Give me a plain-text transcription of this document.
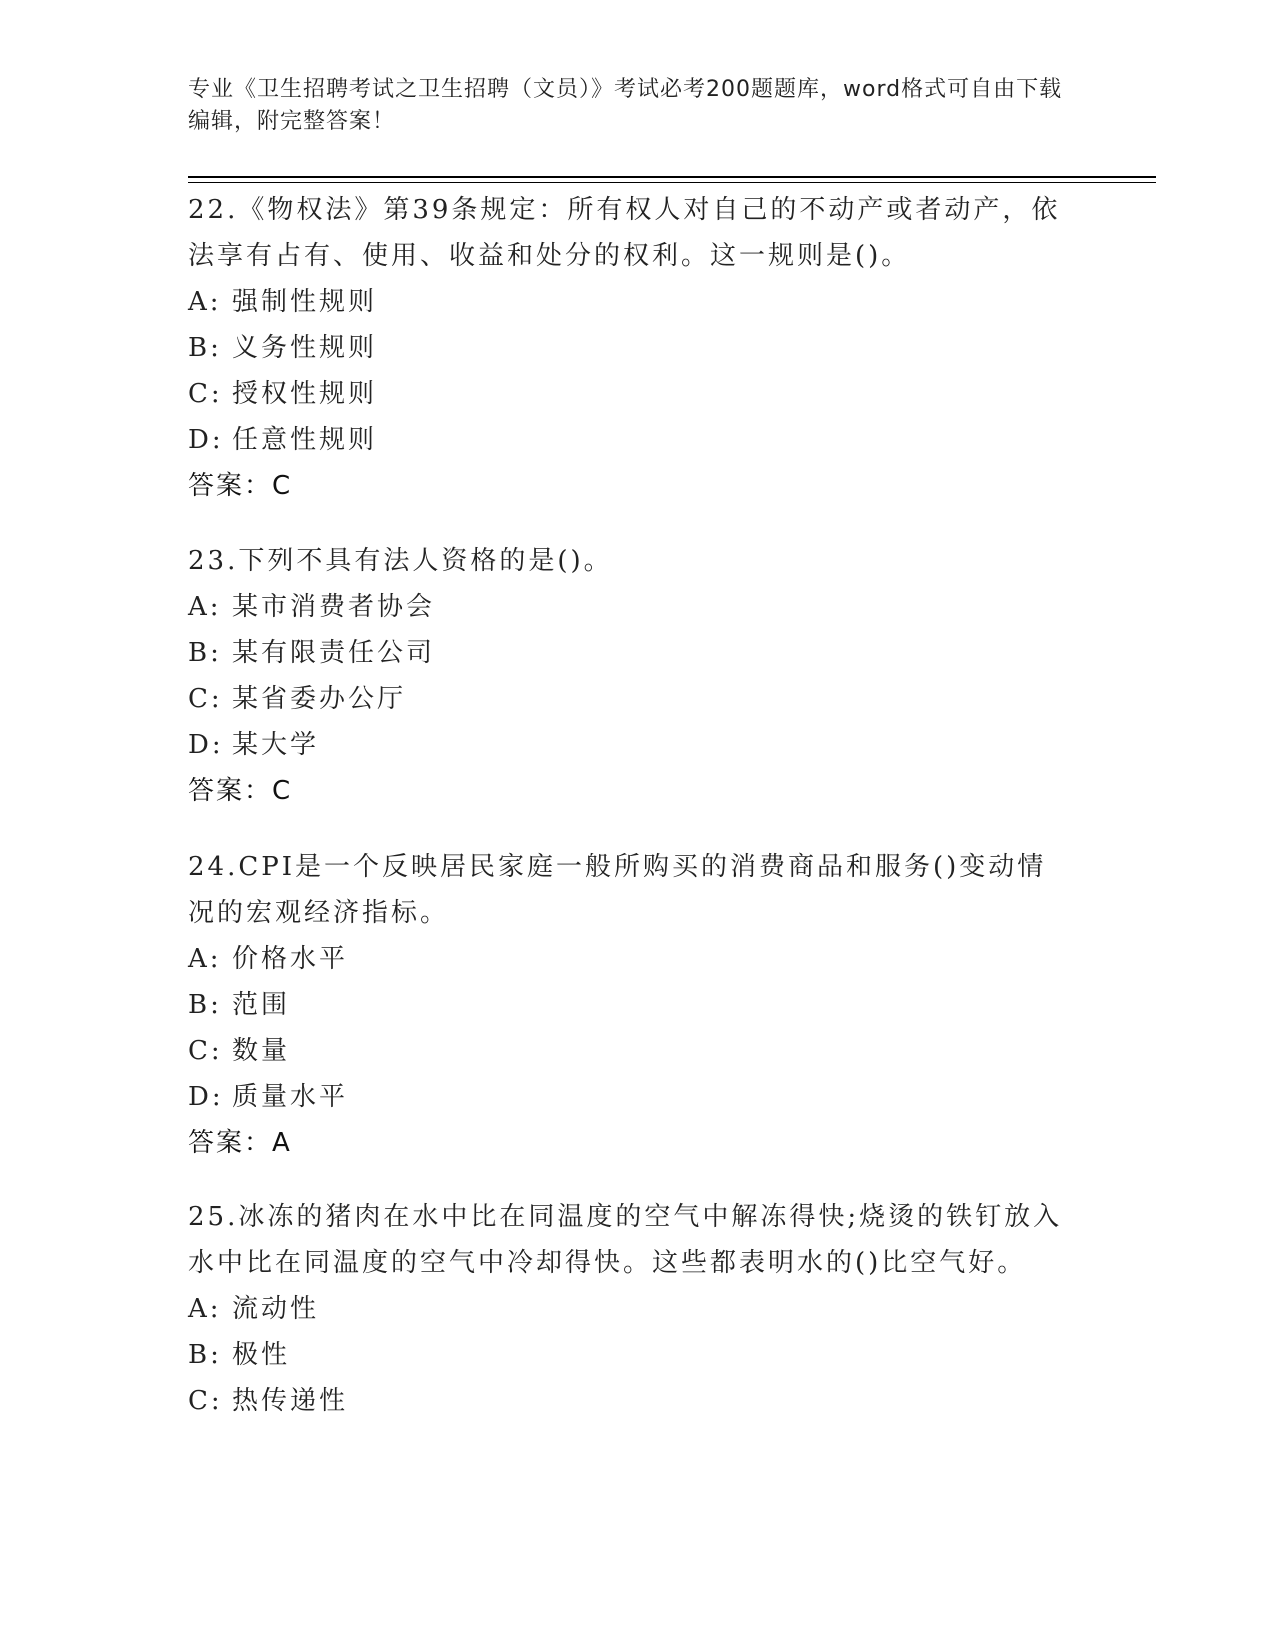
专业《卫生招聘考试之卫生招聘（文员）》考试必考200题题库，word格式可自由下载编辑，附完整答案！

22.《物权法》第39条规定：所有权人对自己的不动产或者动产，依法享有占有、使用、收益和处分的权利。这一规则是()。

A: 强制性规则

B: 义务性规则

C: 授权性规则

D: 任意性规则

答案：C

23.下列不具有法人资格的是()。

A: 某市消费者协会

B: 某有限责任公司

C: 某省委办公厅

D: 某大学

答案：C

24.CPI是一个反映居民家庭一般所购买的消费商品和服务()变动情况的宏观经济指标。

A: 价格水平

B: 范围

C: 数量

D: 质量水平

答案：A

25.冰冻的猪肉在水中比在同温度的空气中解冻得快;烧烫的铁钉放入水中比在同温度的空气中冷却得快。这些都表明水的()比空气好。

A: 流动性

B: 极性

C: 热传递性
